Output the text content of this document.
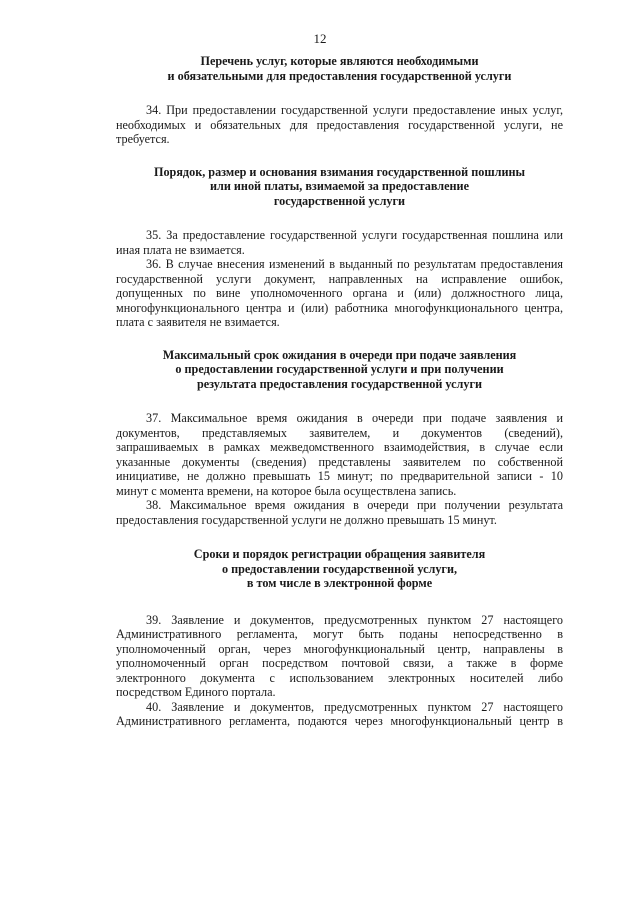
12
Перечень услуг, которые являются необходимыми
и обязательными для предоставления государственной услуги
34. При предоставлении государственной услуги предоставление иных услуг,
необходимых и обязательных для предоставления государственной услуги, не
требуется.
Порядок, размер и основания взимания государственной пошлины
или иной платы, взимаемой за предоставление
государственной услуги
35. За предоставление государственной услуги государственная пошлина или
иная плата не взимается.
36. В случае внесения изменений в выданный по результатам предоставления
государственной услуги документ, направленных на исправление ошибок,
допущенных по вине уполномоченного органа и (или) должностного лица,
многофункционального центра и (или) работника многофункционального центра,
плата с заявителя не взимается.
Максимальный срок ожидания в очереди при подаче заявления
о предоставлении государственной услуги и при получении
результата предоставления государственной услуги
37. Максимальное время ожидания в очереди при подаче заявления и
документов, представляемых заявителем, и документов (сведений),
запрашиваемых в рамках межведомственного взаимодействия, в случае если
указанные документы (сведения) представлены заявителем по собственной
инициативе, не должно превышать 15 минут; по предварительной записи - 10
минут с момента времени, на которое была осуществлена запись.
38. Максимальное время ожидания в очереди при получении результата
предоставления государственной услуги не должно превышать 15 минут.
Сроки и порядок регистрации обращения заявителя
о предоставлении государственной услуги,
в том числе в электронной форме
39. Заявление и документов, предусмотренных пунктом 27 настоящего
Административного регламента, могут быть поданы непосредственно в
уполномоченный орган, через многофункциональный центр, направлены в
уполномоченный орган посредством почтовой связи, а также в форме
электронного документа с использованием электронных носителей либо
посредством Единого портала.
40. Заявление и документов, предусмотренных пунктом 27 настоящего
Административного регламента, подаются через многофункциональный центр в
